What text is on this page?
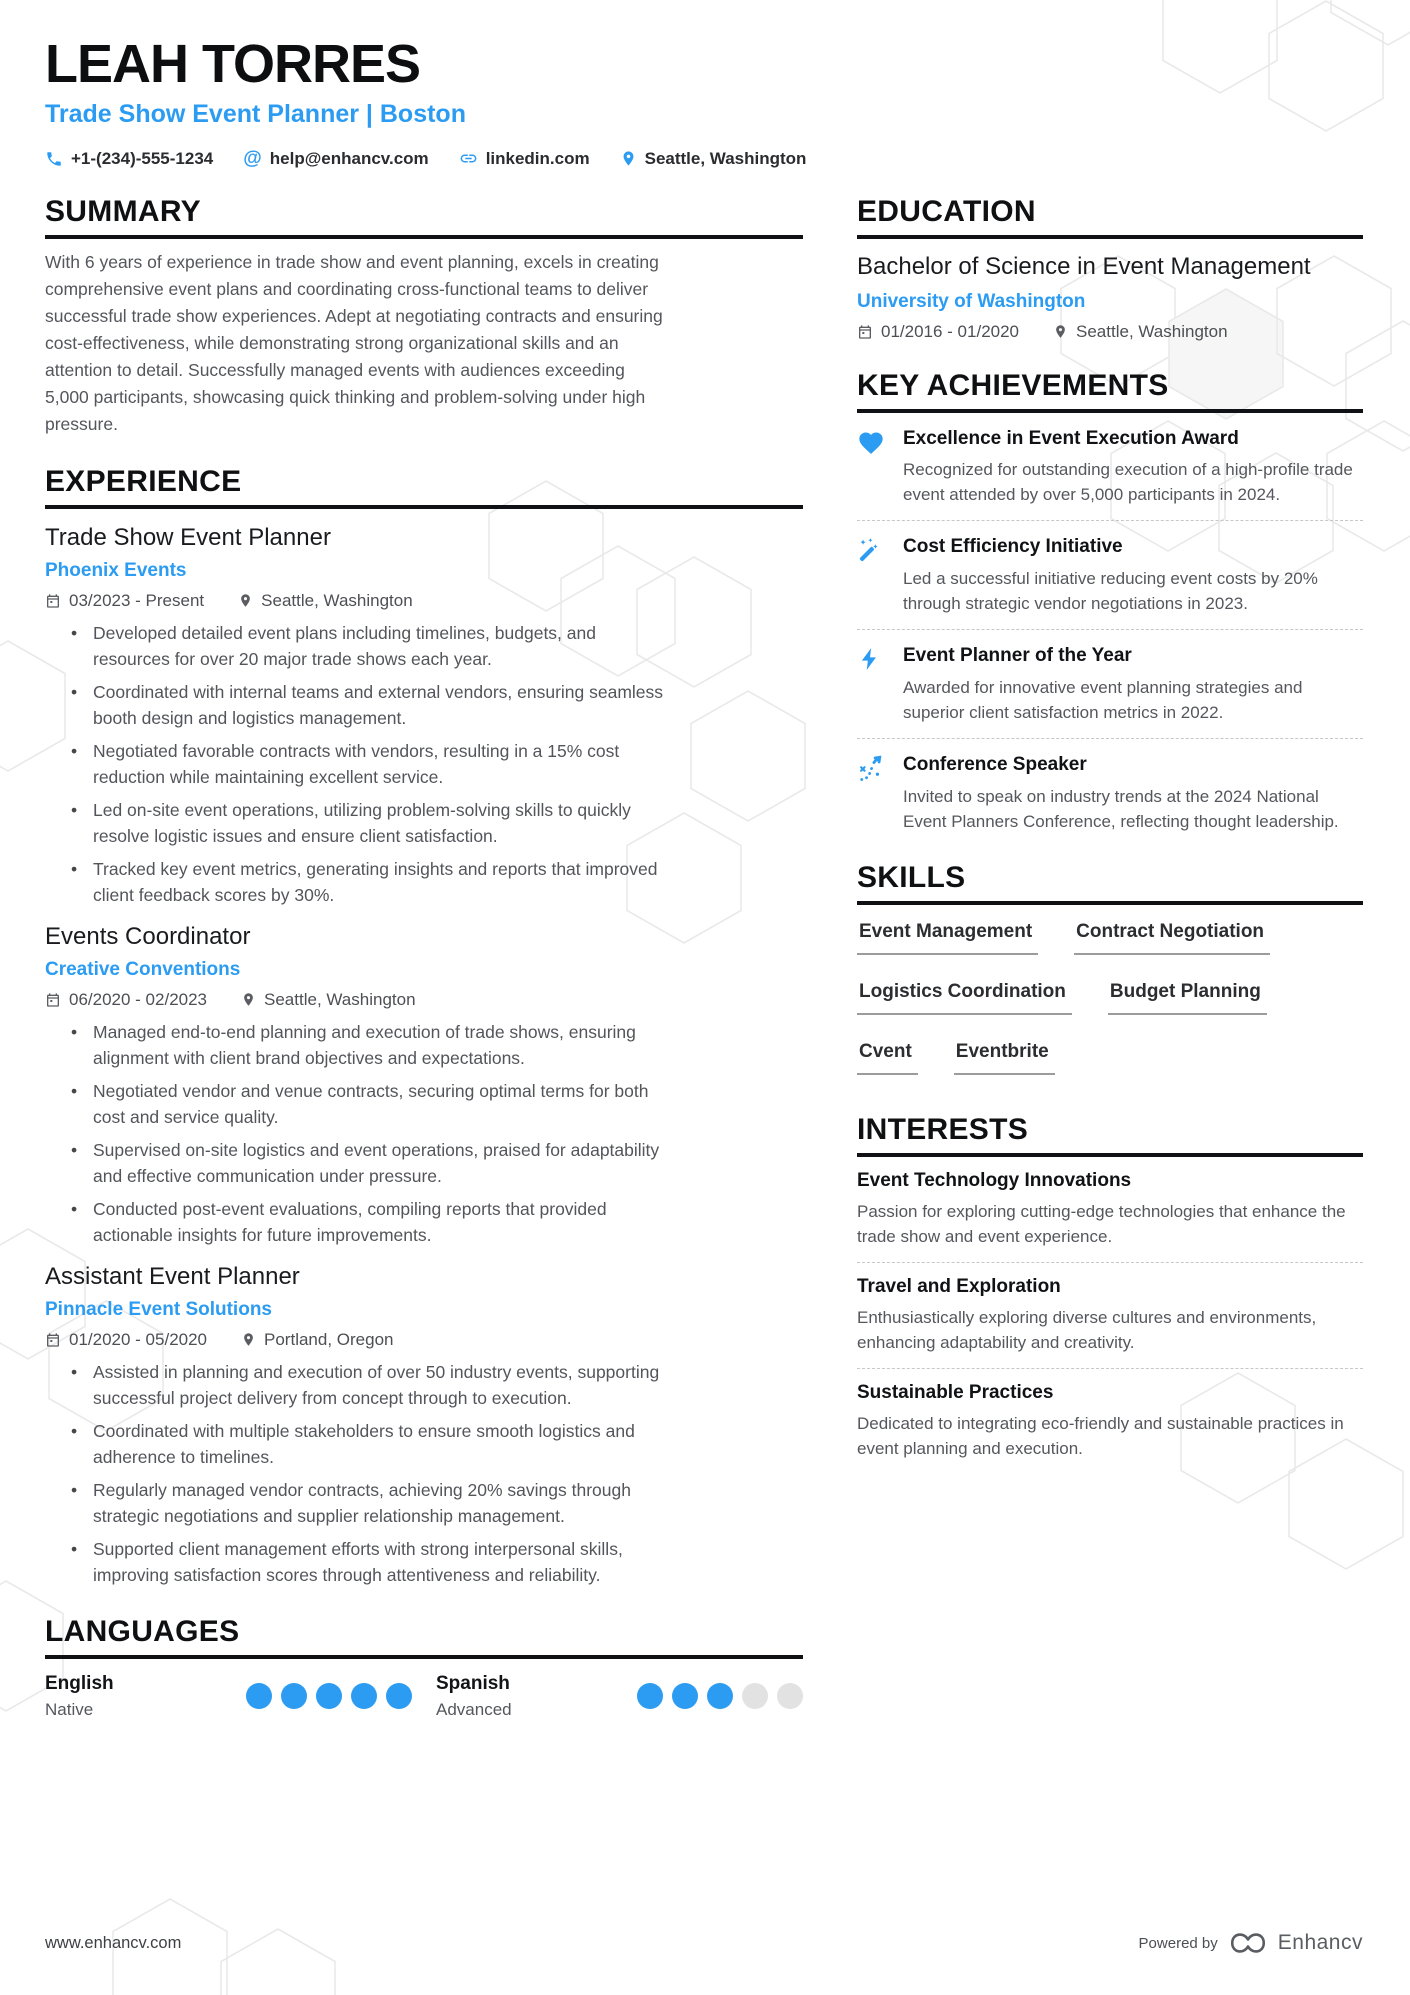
LEAH TORRES
Trade Show Event Planner | Boston
+1-(234)-555-1234 @ help@enhancv.com	linkedin.com	Seattle, Washington
SUMMARY
With 6 years of experience in trade show and event planning, excels in creating comprehensive event plans and coordinating cross-functional teams to deliver successful trade show experiences. Adept at negotiating contracts and ensuring cost-effectiveness, while demonstrating strong organizational skills and an attention to detail. Successfully managed events with audiences exceeding 5,000 participants, showcasing quick thinking and problem-solving under high pressure.
EXPERIENCE
Trade Show Event Planner
Phoenix Events
03/2023 - Present	Seattle, Washington
• Developed detailed event plans including timelines, budgets, and resources for over 20 major trade shows each year.
• Coordinated with internal teams and external vendors, ensuring seamless booth design and logistics management.
• Negotiated favorable contracts with vendors, resulting in a 15% cost reduction while maintaining excellent service.
• Led on-site event operations, utilizing problem-solving skills to quickly resolve logistic issues and ensure client satisfaction.
• Tracked key event metrics, generating insights and reports that improved client feedback scores by 30%.
Events Coordinator
Creative Conventions
06/2020 - 02/2023	Seattle, Washington
• Managed end-to-end planning and execution of trade shows, ensuring alignment with client brand objectives and expectations.
• Negotiated vendor and venue contracts, securing optimal terms for both cost and service quality.
• Supervised on-site logistics and event operations, praised for adaptability and effective communication under pressure.
• Conducted post-event evaluations, compiling reports that provided actionable insights for future improvements.
Assistant Event Planner
Pinnacle Event Solutions
01/2020 - 05/2020	Portland, Oregon
• Assisted in planning and execution of over 50 industry events, supporting successful project delivery from concept through to execution.
• Coordinated with multiple stakeholders to ensure smooth logistics and adherence to timelines.
• Regularly managed vendor contracts, achieving 20% savings through strategic negotiations and supplier relationship management.
• Supported client management efforts with strong interpersonal skills, improving satisfaction scores through attentiveness and reliability.
LANGUAGES
English
Native
Spanish
Advanced
EDUCATION
Bachelor of Science in Event Management
University of Washington
01/2016 - 01/2020	Seattle, Washington
KEY ACHIEVEMENTS
Excellence in Event Execution Award
Recognized for outstanding execution of a high-profile trade event attended by over 5,000 participants in 2024.
Cost Efficiency Initiative
Led a successful initiative reducing event costs by 20% through strategic vendor negotiations in 2023.
Event Planner of the Year
Awarded for innovative event planning strategies and superior client satisfaction metrics in 2022.
Conference Speaker
Invited to speak on industry trends at the 2024 National Event Planners Conference, reflecting thought leadership.
SKILLS
Event Management	Contract Negotiation
Logistics Coordination	Budget Planning
Cvent	Eventbrite
INTERESTS
Event Technology Innovations
Passion for exploring cutting-edge technologies that enhance the trade show and event experience.
Travel and Exploration
Enthusiastically exploring diverse cultures and environments, enhancing adaptability and creativity.
Sustainable Practices
Dedicated to integrating eco-friendly and sustainable practices in event planning and execution.
www.enhancv.com	Powered by	Enhancv
